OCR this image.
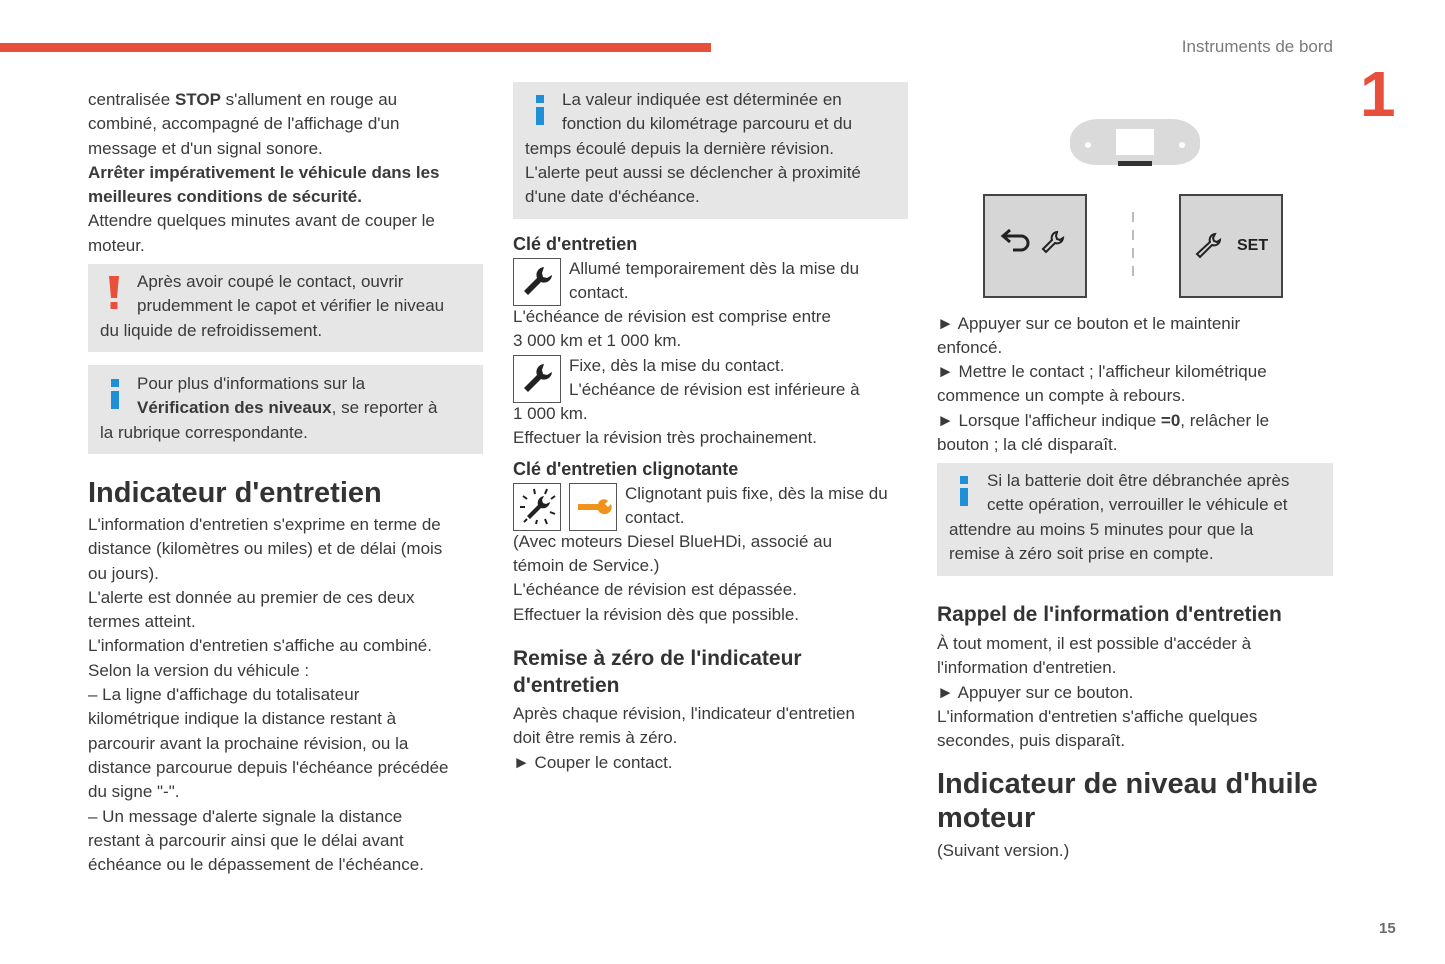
Instruments de bord
1
15
centralisée STOP s'allument en rouge au
combiné, accompagné de l'affichage d'un
message et d'un signal sonore.
Arrêter impérativement le véhicule dans les
meilleures conditions de sécurité.
Attendre quelques minutes avant de couper le
moteur.
Après avoir coupé le contact, ouvrir
prudemment le capot et vérifier le niveau
du liquide de refroidissement.
Pour plus d'informations sur la
Vérification des niveaux, se reporter à
la rubrique correspondante.
Indicateur d'entretien
L'information d'entretien s'exprime en terme de
distance (kilomètres ou miles) et de délai (mois
ou jours).
L'alerte est donnée au premier de ces deux
termes atteint.
L'information d'entretien s'affiche au combiné.
Selon la version du véhicule :
– La ligne d'affichage du totalisateur
kilométrique indique la distance restant à
parcourir avant la prochaine révision, ou la
distance parcourue depuis l'échéance précédée
du signe "-".
– Un message d'alerte signale la distance
restant à parcourir ainsi que le délai avant
échéance ou le dépassement de l'échéance.
La valeur indiquée est déterminée en
fonction du kilométrage parcouru et du
temps écoulé depuis la dernière révision.
L'alerte peut aussi se déclencher à proximité
d'une date d'échéance.
Clé d'entretien
Allumé temporairement dès la mise du
contact.
L'échéance de révision est comprise entre
3 000 km et 1 000 km.
Fixe, dès la mise du contact.
L'échéance de révision est inférieure à
1 000 km.
Effectuer la révision très prochainement.
Clé d'entretien clignotante
Clignotant puis fixe, dès la mise du
contact.
(Avec moteurs Diesel BlueHDi, associé au
témoin de Service.)
L'échéance de révision est dépassée.
Effectuer la révision dès que possible.
Remise à zéro de l'indicateur
d'entretien
Après chaque révision, l'indicateur d'entretien
doit être remis à zéro.
► Couper le contact.
SET
► Appuyer sur ce bouton et le maintenir
enfoncé.
► Mettre le contact ; l'afficheur kilométrique
commence un compte à rebours.
► Lorsque l'afficheur indique =0, relâcher le
bouton ; la clé disparaît.
Si la batterie doit être débranchée après
cette opération, verrouiller le véhicule et
attendre au moins 5 minutes pour que la
remise à zéro soit prise en compte.
Rappel de l'information d'entretien
À tout moment, il est possible d'accéder à
l'information d'entretien.
► Appuyer sur ce bouton.
L'information d'entretien s'affiche quelques
secondes, puis disparaît.
Indicateur de niveau d'huile
moteur
(Suivant version.)
